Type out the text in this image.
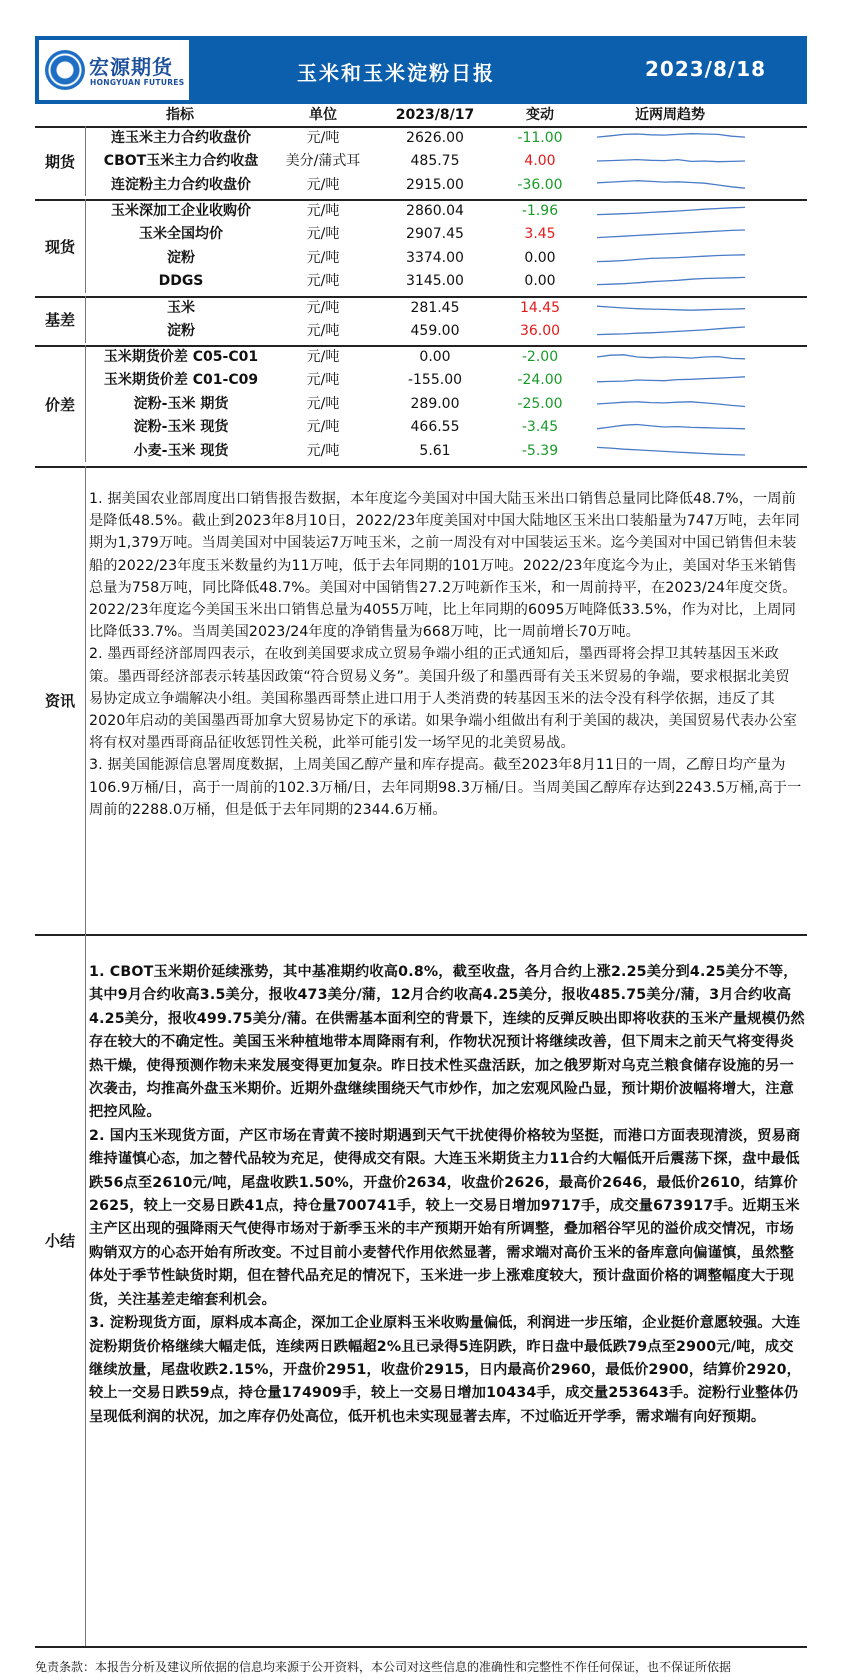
宏源期货
HONGYUAN FUTURES	玉米和玉米淀粉日报	2023/8/18
指标	单位	2023/8/17	变动	近两周趋势
期货
连玉米主力合约收盘价	元/吨	2626.00	-11.00
CBOT玉米主力合约收盘	美分/蒲式耳	485.75	4.00
连淀粉主力合约收盘价	元/吨	2915.00	-36.00
现货
玉米深加工企业收购价	元/吨	2860.04	-1.96
玉米全国均价	元/吨	2907.45	3.45
淀粉	元/吨	3374.00	0.00
DDGS	元/吨	3145.00	0.00
基差
玉米	元/吨	281.45	14.45
淀粉	元/吨	459.00	36.00
价差
玉米期货价差 C05-C01	元/吨	0.00	-2.00
玉米期货价差 C01-C09	元/吨	-155.00	-24.00
淀粉-玉米 期货	元/吨	289.00	-25.00
淀粉-玉米 现货	元/吨	466.55	-3.45
小麦-玉米 现货	元/吨	5.61	-5.39
资讯

1. 据美国农业部周度出口销售报告数据，本年度迄今美国对中国大陆玉米出口销售总量同比降低48.7%，一周前是降低48.5%。截止到2023年8月10日，2022/23年度美国对中国大陆地区玉米出口装船量为747万吨，去年同期为1,379万吨。当周美国对中国装运7万吨玉米，之前一周没有对中国装运玉米。迄今美国对中国已销售但未装船的2022/23年度玉米数量约为11万吨，低于去年同期的101万吨。2022/23年度迄今为止，美国对华玉米销售总量为758万吨，同比降低48.7%。美国对中国销售27.2万吨新作玉米，和一周前持平，在2023/24年度交货。2022/23年度迄今美国玉米出口销售总量为4055万吨，比上年同期的6095万吨降低33.5%，作为对比，上周同比降低33.7%。当周美国2023/24年度的净销售量为668万吨，比一周前增长70万吨。

2. 墨西哥经济部周四表示，在收到美国要求成立贸易争端小组的正式通知后，墨西哥将会捍卫其转基因玉米政策。墨西哥经济部表示转基因政策“符合贸易义务”。美国升级了和墨西哥有关玉米贸易的争端，要求根据北美贸易协定成立争端解决小组。美国称墨西哥禁止进口用于人类消费的转基因玉米的法令没有科学依据，违反了其2020年启动的美国墨西哥加拿大贸易协定下的承诺。如果争端小组做出有利于美国的裁决，美国贸易代表办公室将有权对墨西哥商品征收惩罚性关税，此举可能引发一场罕见的北美贸易战。

3. 据美国能源信息署周度数据，上周美国乙醇产量和库存提高。截至2023年8月11日的一周，乙醇日均产量为106.9万桶/日，高于一周前的102.3万桶/日，去年同期98.3万桶/日。当周美国乙醇库存达到2243.5万桶,高于一周前的2288.0万桶，但是低于去年同期的2344.6万桶。

小结

1. CBOT玉米期价延续涨势，其中基准期约收高0.8%，截至收盘，各月合约上涨2.25美分到4.25美分不等，其中9月合约收高3.5美分，报收473美分/蒲，12月合约收高4.25美分，报收485.75美分/蒲，3月合约收高4.25美分，报收499.75美分/蒲。在供需基本面利空的背景下，连续的反弹反映出即将收获的玉米产量规模仍然存在较大的不确定性。美国玉米种植地带本周降雨有利，作物状况预计将继续改善，但下周末之前天气将变得炎热干燥，使得预测作物未来发展变得更加复杂。昨日技术性买盘活跃，加之俄罗斯对乌克兰粮食储存设施的另一次袭击，均推高外盘玉米期价。近期外盘继续围绕天气市炒作，加之宏观风险凸显，预计期价波幅将增大，注意把控风险。

2. 国内玉米现货方面，产区市场在青黄不接时期遇到天气干扰使得价格较为坚挺，而港口方面表现清淡，贸易商维持谨慎心态，加之替代品较为充足，使得成交有限。大连玉米期货主力11合约大幅低开后震荡下探，盘中最低跌56点至2610元/吨，尾盘收跌1.50%，开盘价2634，收盘价2626，最高价2646，最低价2610，结算价2625，较上一交易日跌41点，持仓量700741手，较上一交易日增加9717手，成交量673917手。近期玉米主产区出现的强降雨天气使得市场对于新季玉米的丰产预期开始有所调整，叠加稻谷罕见的溢价成交情况，市场购销双方的心态开始有所改变。不过目前小麦替代作用依然显著，需求端对高价玉米的备库意向偏谨慎，虽然整体处于季节性缺货时期，但在替代品充足的情况下，玉米进一步上涨难度较大，预计盘面价格的调整幅度大于现货，关注基差走缩套利机会。

3. 淀粉现货方面，原料成本高企，深加工企业原料玉米收购量偏低，利润进一步压缩，企业挺价意愿较强。大连淀粉期货价格继续大幅走低，连续两日跌幅超2%且已录得5连阴跌，昨日盘中最低跌79点至2900元/吨，成交继续放量，尾盘收跌2.15%，开盘价2951，收盘价2915，日内最高价2960，最低价2900，结算价2920，较上一交易日跌59点，持仓量174909手，较上一交易日增加10434手，成交量253643手。淀粉行业整体仍呈现低利润的状况，加之库存仍处高位，低开机也未实现显著去库，不过临近开学季，需求端有向好预期。

免责条款：本报告分析及建议所依据的信息均来源于公开资料，本公司对这些信息的准确性和完整性不作任何保证，也不保证所依据
